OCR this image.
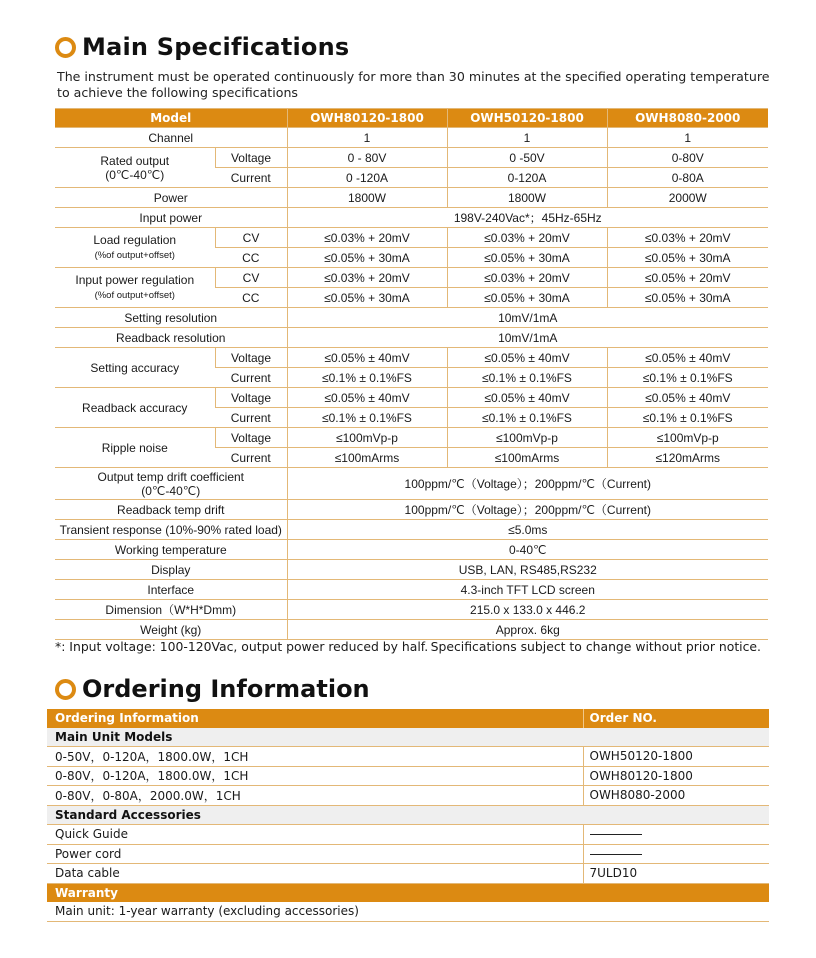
Main Specifications
The instrument must be operated continuously for more than 30 minutes at the specified operating temperature to achieve the following specifications
Model		OWH80120-1800	OWH50120-1800	OWH8080-2000
Channel		1	1	1
Rated output
(0℃-40℃)	Voltage	0 - 80V	0 -50V	0-80V
	Current	0 -120A	0-120A	0-80A
Power		1800W	1800W	2000W
Input power		198V-240Vac*；45Hz-65Hz		
Load regulation
(%of output+offset)	CV	≤0.03% + 20mV	≤0.03% + 20mV	≤0.03% + 20mV
	CC	≤0.05% + 30mA	≤0.05% + 30mA	≤0.05% + 30mA
Input power regulation
(%of output+offset)	CV	≤0.03% + 20mV	≤0.03% + 20mV	≤0.05% + 20mV
	CC	≤0.05% + 30mA	≤0.05% + 30mA	≤0.05% + 30mA
Setting resolution		10mV/1mA		
Readback resolution		10mV/1mA		
Setting accuracy	Voltage	≤0.05% ± 40mV	≤0.05% ± 40mV	≤0.05% ± 40mV
	Current	≤0.1% ± 0.1%FS	≤0.1% ± 0.1%FS	≤0.1% ± 0.1%FS
Readback accuracy	Voltage	≤0.05% ± 40mV	≤0.05% ± 40mV	≤0.05% ± 40mV
	Current	≤0.1% ± 0.1%FS	≤0.1% ± 0.1%FS	≤0.1% ± 0.1%FS
Ripple noise	Voltage	≤100mVp-p	≤100mVp-p	≤100mVp-p
	Current	≤100mArms	≤100mArms	≤120mArms
Output temp drift coefficient
(0℃-40℃)		100ppm/℃（Voltage）；200ppm/℃（Current)		
Readback temp drift		100ppm/℃（Voltage）；200ppm/℃（Current)		
Transient response (10%-90% rated load)		≤5.0ms		
Working temperature		0-40℃		
Display		USB, LAN, RS485,RS232		
Interface		4.3-inch TFT LCD screen		
Dimension（W*H*Dmm)		215.0 x 133.0 x 446.2		
Weight (kg)		Approx. 6kg		
*: Input voltage: 100-120Vac, output power reduced by half. Specifications subject to change without prior notice.
Ordering Information
Ordering Information	Order NO.
Main Unit Models	
0-50V，0-120A，1800.0W，1CH	OWH50120-1800
0-80V，0-120A，1800.0W，1CH	OWH80120-1800
0-80V，0-80A，2000.0W，1CH	OWH8080-2000
Standard Accessories	
Quick Guide	
Power cord	
Data cable	7ULD10
Warranty	
Main unit: 1-year warranty (excluding accessories)	
